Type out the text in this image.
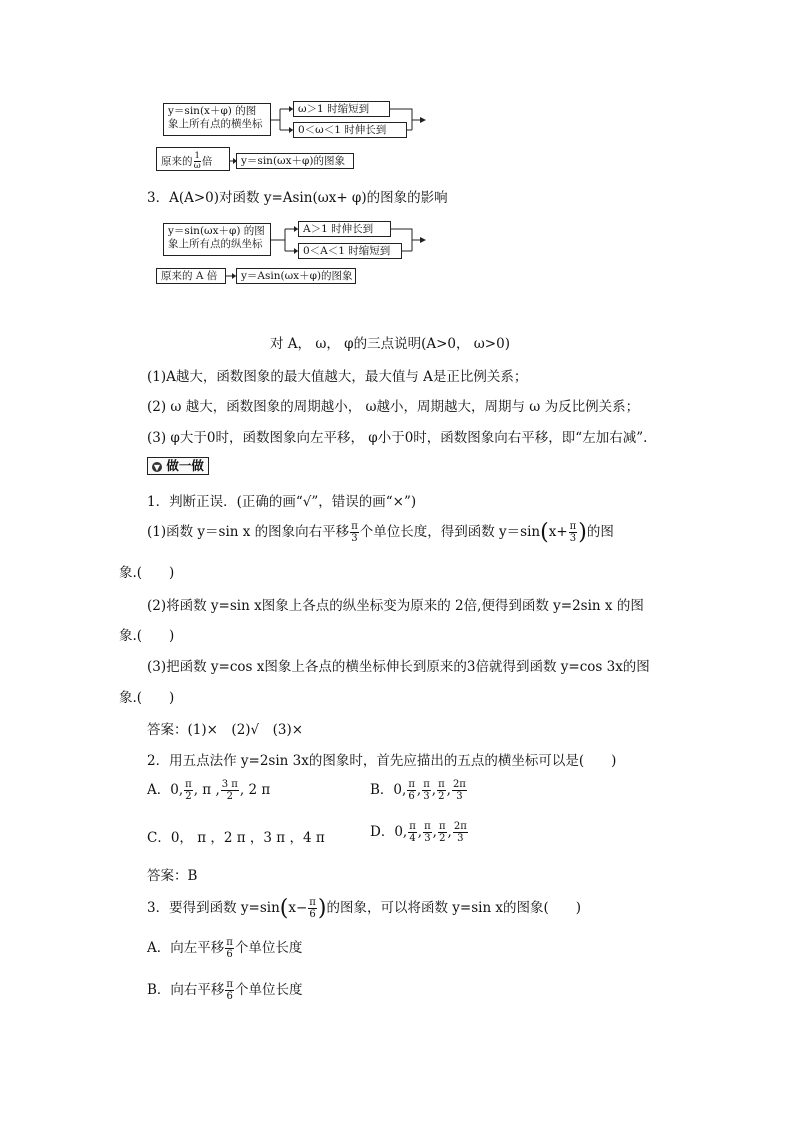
y＝sin(x＋φ) 的图
象上所有点的横坐标
ω＞1 时缩短到
0＜ω＜1 时伸长到
原来的 $\frac{1}{\omega}$ 倍	y＝sin(ωx＋φ)的图象
3．A(A>0)对函数 y=Asin(ωx+ φ)的图象的影响
y＝sin(ωx＋φ) 的图
象上所有点的纵坐标
A＞1 时伸长到
0＜A＜1 时缩短到
原来的 A 倍	y＝Asin(ωx＋φ)的图象
对 A， ω， φ的三点说明(A>0， ω>0)
(1)A越大，函数图象的最大值越大，最大值与 A是正比例关系；
(2) ω 越大，函数图象的周期越小， ω越小，周期越大，周期与 ω 为反比例关系；
(3) φ大于0时，函数图象向左平移， φ小于0时，函数图象向右平移，即“左加右减”.
▼ 做一做
1．判断正误．(正确的画“√”，错误的画“×”)
(1)函数 y＝sin x 的图象向右平移 $\frac{\pi}{3}$ 个单位长度，得到函数 $y=\sin(x+ \frac{\pi}{3}$ )的图
象.(　　)
(2)将函数 y=sin x图象上各点的纵坐标变为原来的 2倍,便得到函数 y=2sin x 的图
象.(　　)
(3)把函数 y=cos x图象上各点的横坐标伸长到原来的3倍就得到函数 y=cos 3x的图
象.(　　)
答案：(1)×　(2)√　(3)×
2．用五点法作 y=2sin 3x的图象时，首先应描出的五点的横坐标可以是(　　)
A．0, $\frac{\pi}{2}$ , π , $\frac{3 \pi}{2}$ , 2 π	B．0, $\frac{\pi}{6}$ , $\frac{\pi}{3}$ , $\frac{\pi}{2}$ , $\frac{2\pi}{3}$
C．0， π ，2 π ，3 π ，4 π	D．0, $\frac{\pi}{4}$ , $\frac{\pi}{3}$ , $\frac{\pi}{2}$ , $\frac{2\pi}{3}$
答案：B
3．要得到函数 $y=\sin(x- \frac{\pi}{6}$ )的图象，可以将函数 y=sin x的图象(　　)
A．向左平移 $\frac{\pi}{6}$ 个单位长度
B．向右平移 $\frac{\pi}{6}$ 个单位长度
